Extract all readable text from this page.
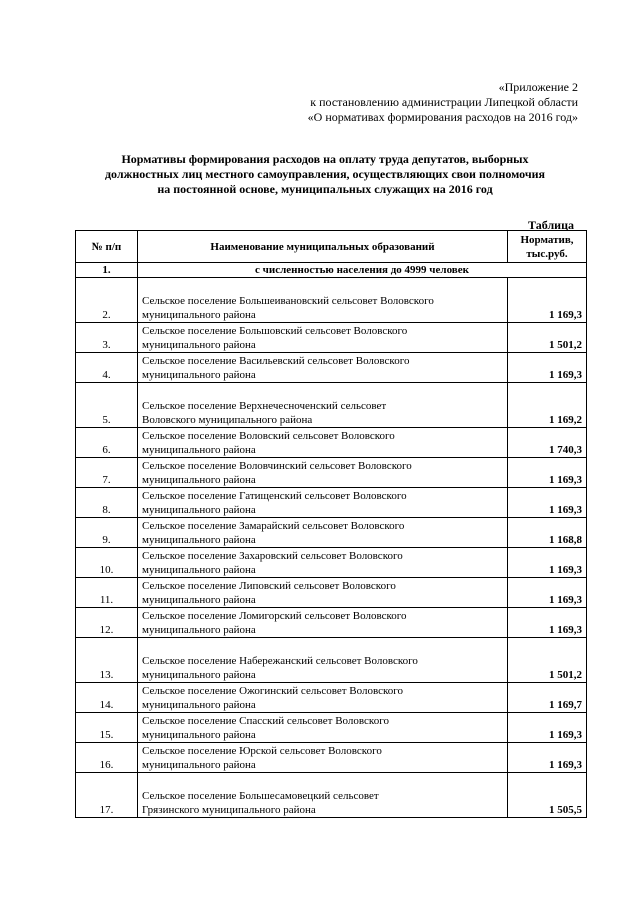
«Приложение 2
к постановлению администрации Липецкой области
«О нормативах формирования расходов на 2016 год»
Нормативы формирования расходов на оплату труда депутатов, выборных
должностных лиц местного самоуправления, осуществляющих свои полномочия
на постоянной основе, муниципальных служащих на 2016 год
Таблица
№ п/п	Наименование муниципальных образований	Норматив,
тыс.руб.

1.	с численностью населения до 4999 человек	
2.	Сельское поселение Большеивановский сельсовет Воловского
муниципального района	1 169,3
3.	Сельское поселение Большовский сельсовет Воловского
муниципального района	1 501,2
4.	Сельское поселение Васильевский сельсовет Воловского
муниципального района	1 169,3
5.	Сельское поселение Верхнечесноченский сельсовет
Воловского муниципального района	1 169,2
6.	Сельское поселение Воловский сельсовет Воловского
муниципального района	1 740,3
7.	Сельское поселение Воловчинский сельсовет Воловского
муниципального района	1 169,3
8.	Сельское поселение Гатищенский сельсовет Воловского
муниципального района	1 169,3
9.	Сельское поселение Замарайский сельсовет Воловского
муниципального района	1 168,8
10.	Сельское поселение Захаровский сельсовет Воловского
муниципального района	1 169,3
11.	Сельское поселение Липовский сельсовет Воловского
муниципального района	1 169,3
12.	Сельское поселение Ломигорский сельсовет Воловского
муниципального района	1 169,3
13.	Сельское поселение Набережанский сельсовет Воловского
муниципального района	1 501,2
14.	Сельское поселение Ожогинский сельсовет Воловского
муниципального района	1 169,7
15.	Сельское поселение Спасский сельсовет Воловского
муниципального района	1 169,3
16.	Сельское поселение Юрской сельсовет Воловского
муниципального района	1 169,3
17.	Сельское поселение Большесамовецкий сельсовет
Грязинского муниципального района	1 505,5
